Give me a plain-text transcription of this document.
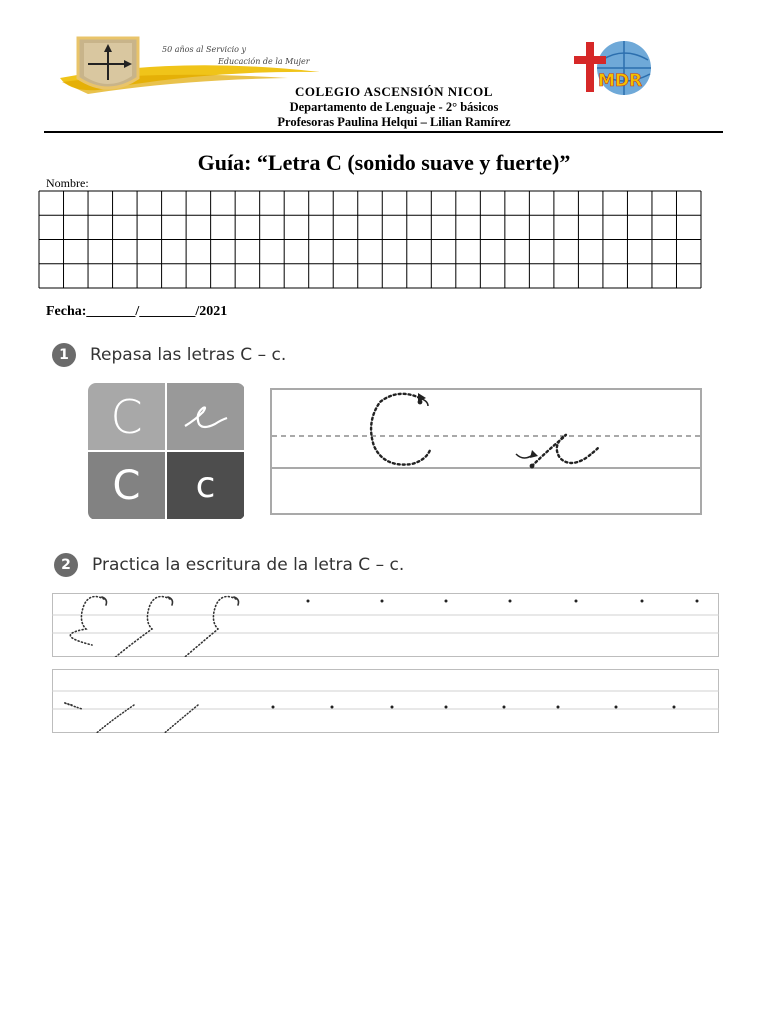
50 años al Servicio y
Educación de la Mujer
MDR
COLEGIO ASCENSIÓN NICOL
Departamento de Lenguaje - 2° básicos
Profesoras Paulina Helqui – Lilian Ramírez
Guía: “Letra C (sonido suave y fuerte)”
Nombre:
Fecha:_______/________/2021
1	Repasa las letras C – c.
C
C	c
2	Practica la escritura de la letra C – c.
